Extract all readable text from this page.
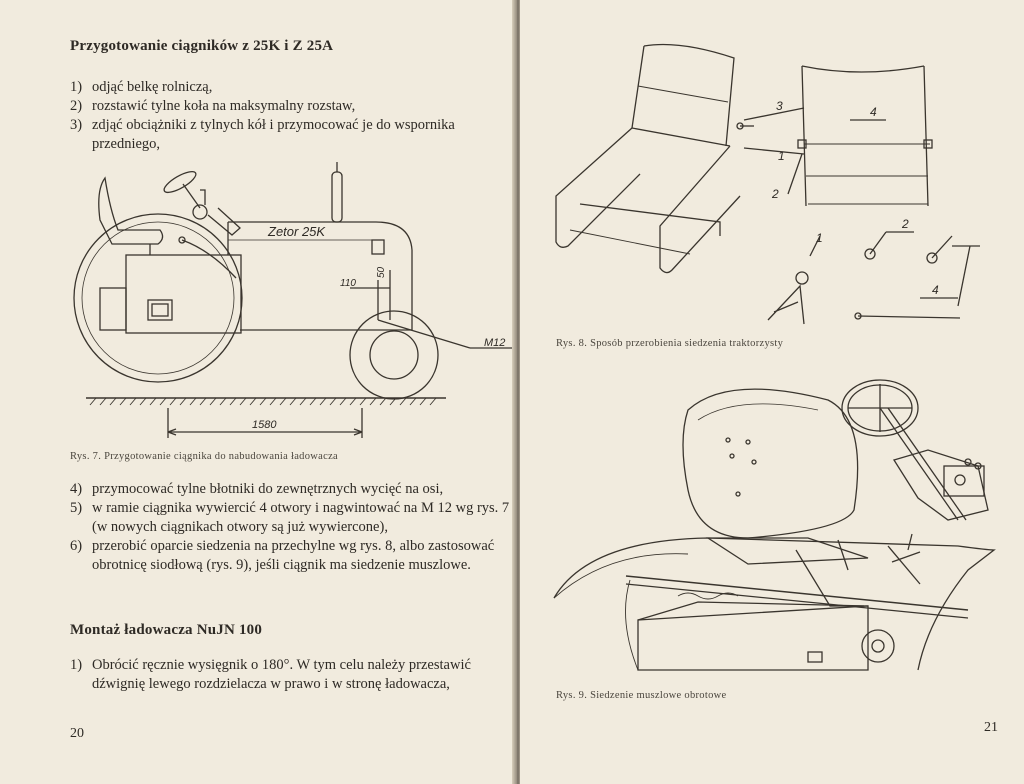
Przygotowanie ciągników z 25K i Z 25A
1) odjąć belkę rolniczą,
2) rozstawić tylne koła na maksymalny rozstaw,
3) zdjąć obciążniki z tylnych kół i przymocować je do wspornika przedniego,
Zetor 25K
110
50
M12
1580
Rys. 7. Przygotowanie ciągnika do nabudowania ładowacza
4) przymocować tylne błotniki do zewnętrznych wycięć na osi,
5) w ramie ciągnika wywiercić 4 otwory i nagwintować na M 12 wg rys. 7 (w nowych ciągnikach otwory są już wywiercone),
6) przerobić oparcie siedzenia na przechylne wg rys. 8, albo zastosować obrotnicę siodłową (rys. 9), jeśli ciągnik ma siedzenie muszlowe.
Montaż ładowacza NuJN 100
1) Obrócić ręcznie wysięgnik o 180°. W tym celu należy przestawić dźwignię lewego rozdzielacza w prawo i w stronę ładowacza,
20
3
1
4
2
1
2
4
Rys. 8. Sposób przerobienia siedzenia traktorzysty
Rys. 9. Siedzenie muszlowe obrotowe
21
